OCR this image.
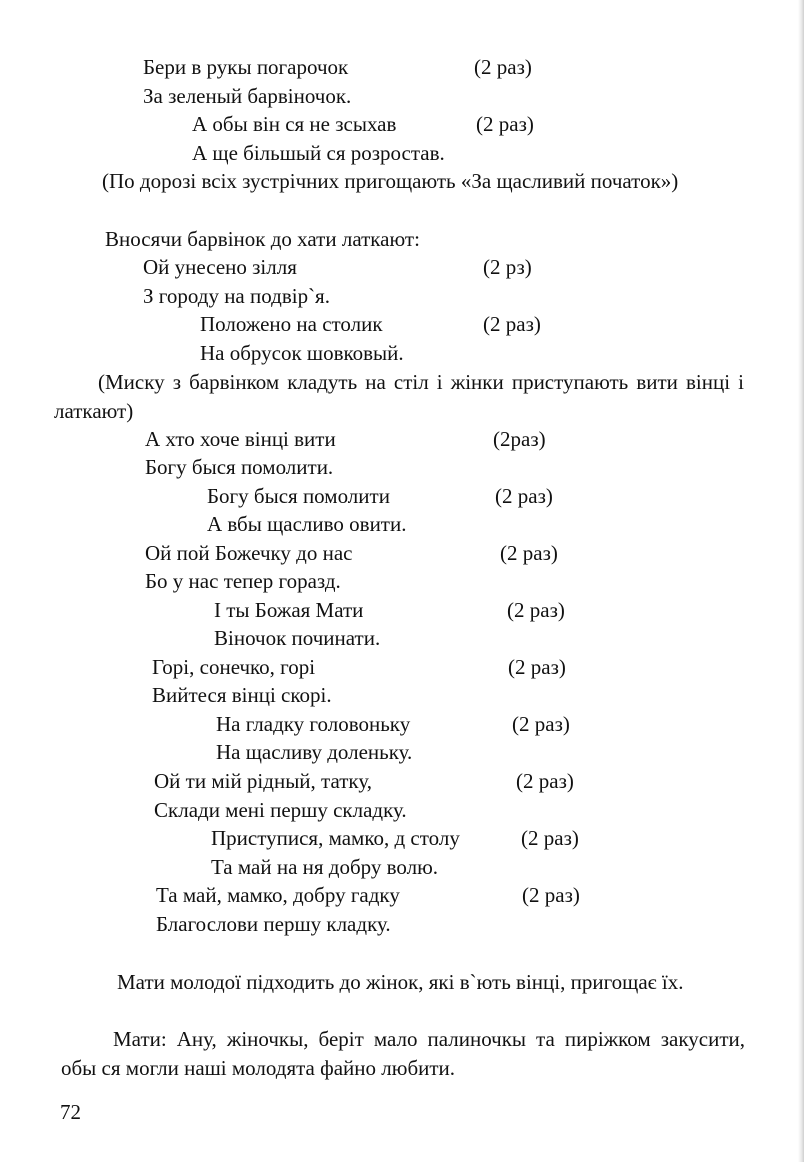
Бери в рукы погарочок	(2 раз)
За зеленый барвіночок.
А обы він ся не зсыхав	(2 раз)
А ще більшый ся розростав.

(По дорозі всіх зустрічних пригощають «За щасливий початок»)

Вносячи барвінок до хати латкают:
Ой унесено зілля	(2 рз)
З городу на подвір`я.
Положено на столик	(2 раз)
На обрусок шовковый.

(Миску з барвінком кладуть на стіл і жінки приступають вити вінці і латкают)

А хто хоче вінці вити	(2раз)
Богу быся помолити.
Богу быся помолити	(2 раз)
А вбы щасливо овити.
Ой пой Божечку до нас	(2 раз)
Бо у нас тепер горазд.
І ты Божая Мати	(2 раз)
Віночок починати.
Горі, сонечко, горі	(2 раз)
Вийтеся вінці скорі.
На гладку головоньку	(2 раз)
На щасливу доленьку.
Ой ти мій рідный, татку,	(2 раз)
Склади мені першу складку.
Приступися, мамко, д столу	(2 раз)
Та май на ня добру волю.
Та май, мамко, добру гадку	(2 раз)
Благослови першу кладку.

Мати молодої підходить до жінок, які в`ють вінці, пригощає їх.

Мати: Ану, жіночкы, берiт мало палиночкы та пиріжком закусити, обы ся могли наші молодята файно любити.

72
